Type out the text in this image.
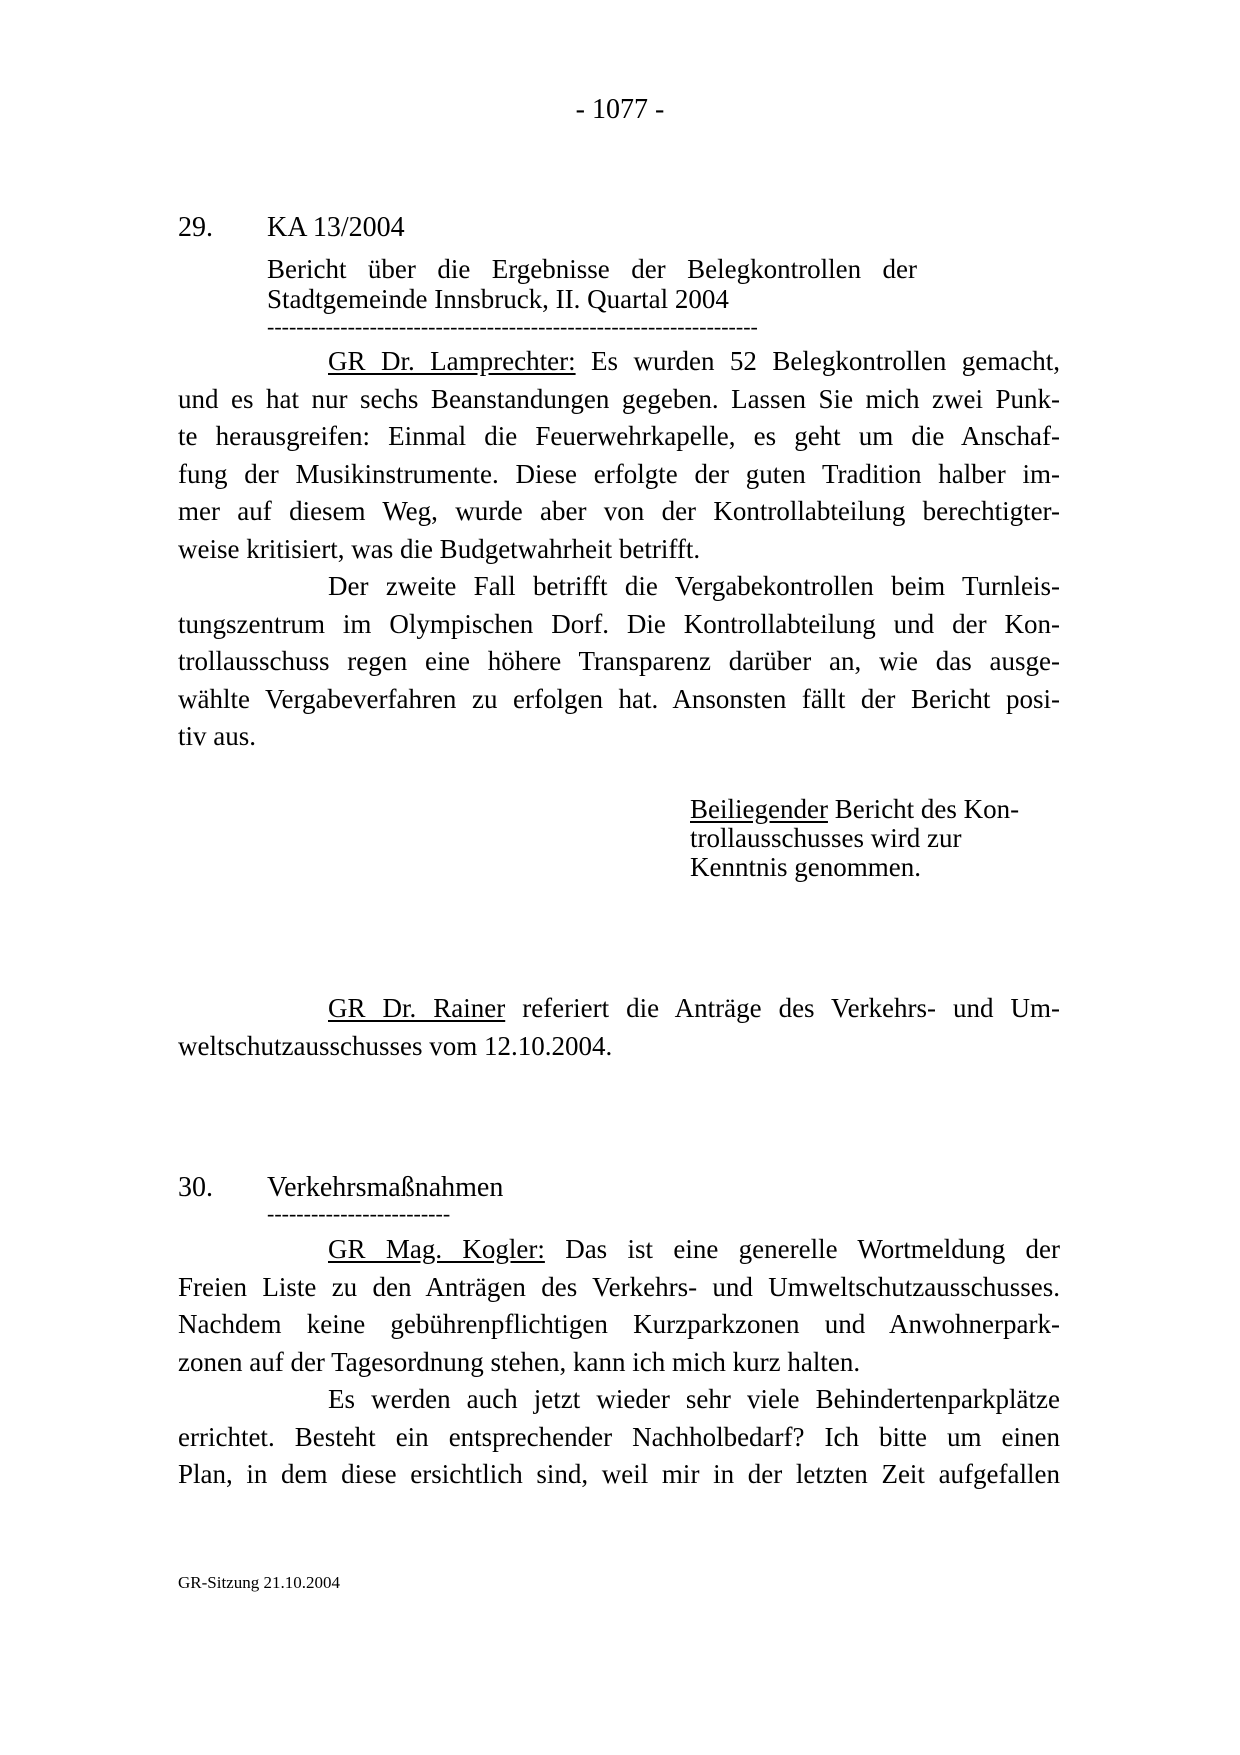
- 1077 -
29. KA 13/2004
Bericht über die Ergebnisse der Belegkontrollen der
Stadtgemeinde Innsbruck, II. Quartal 2004
-------------------------------------------------------------------
GR Dr. Lamprechter: Es wurden 52 Belegkontrollen gemacht,
und es hat nur sechs Beanstandungen gegeben. Lassen Sie mich zwei Punk-
te herausgreifen: Einmal die Feuerwehrkapelle, es geht um die Anschaf-
fung der Musikinstrumente. Diese erfolgte der guten Tradition halber im-
mer auf diesem Weg, wurde aber von der Kontrollabteilung berechtigter-
weise kritisiert, was die Budgetwahrheit betrifft.
Der zweite Fall betrifft die Vergabekontrollen beim Turnleis-
tungszentrum im Olympischen Dorf. Die Kontrollabteilung und der Kon-
trollausschuss regen eine höhere Transparenz darüber an, wie das ausge-
wählte Vergabeverfahren zu erfolgen hat. Ansonsten fällt der Bericht posi-
tiv aus.
Beiliegender Bericht des Kon-
trollausschusses wird zur
Kenntnis genommen.
GR Dr. Rainer referiert die Anträge des Verkehrs- und Um-
weltschutzausschusses vom 12.10.2004.
30. Verkehrsmaßnahmen
-------------------------
GR Mag. Kogler: Das ist eine generelle Wortmeldung der
Freien Liste zu den Anträgen des Verkehrs- und Umweltschutzausschusses.
Nachdem keine gebührenpflichtigen Kurzparkzonen und Anwohnerpark-
zonen auf der Tagesordnung stehen, kann ich mich kurz halten.
Es werden auch jetzt wieder sehr viele Behindertenparkplätze
errichtet. Besteht ein entsprechender Nachholbedarf? Ich bitte um einen
Plan, in dem diese ersichtlich sind, weil mir in der letzten Zeit aufgefallen
GR-Sitzung 21.10.2004
